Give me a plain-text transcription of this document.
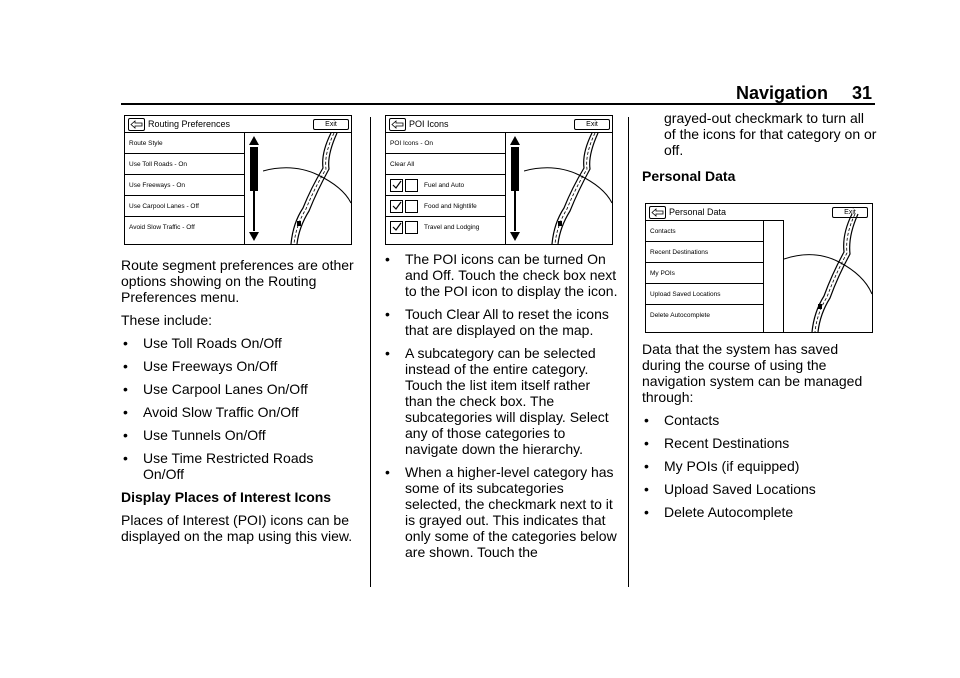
Navigation 31
Routing Preferences	Exit
Route Style
Use Toll Roads - On
Use Freeways - On
Use Carpool Lanes - Off
Avoid Slow Traffic - Off
POI Icons	Exit
POI Icons - On
Clear All
Fuel and Auto
Food and Nightlife
Travel and Lodging
Personal Data	Exit
Contacts
Recent Destinations
My POIs
Upload Saved Locations
Delete Autocomplete

Route segment preferences are other options showing on the Routing Preferences menu.

These include:

• Use Toll Roads On/Off
• Use Freeways On/Off
• Use Carpool Lanes On/Off
• Avoid Slow Traffic On/Off
• Use Tunnels On/Off
• Use Time Restricted Roads On/Off

Display Places of Interest Icons

Places of Interest (POI) icons can be displayed on the map using this view.

• The POI icons can be turned On and Off. Touch the check box next to the POI icon to display the icon.
• Touch Clear All to reset the icons that are displayed on the map.
• A subcategory can be selected instead of the entire category. Touch the list item itself rather than the check box. The subcategories will display. Select any of those categories to navigate down the hierarchy.
• When a higher-level category has some of its subcategories selected, the checkmark next to it is grayed out. This indicates that only some of the categories below are shown. Touch the

grayed-out checkmark to turn all of the icons for that category on or off.

Personal Data

Data that the system has saved during the course of using the navigation system can be managed through:

• Contacts
• Recent Destinations
• My POIs (if equipped)
• Upload Saved Locations
• Delete Autocomplete
